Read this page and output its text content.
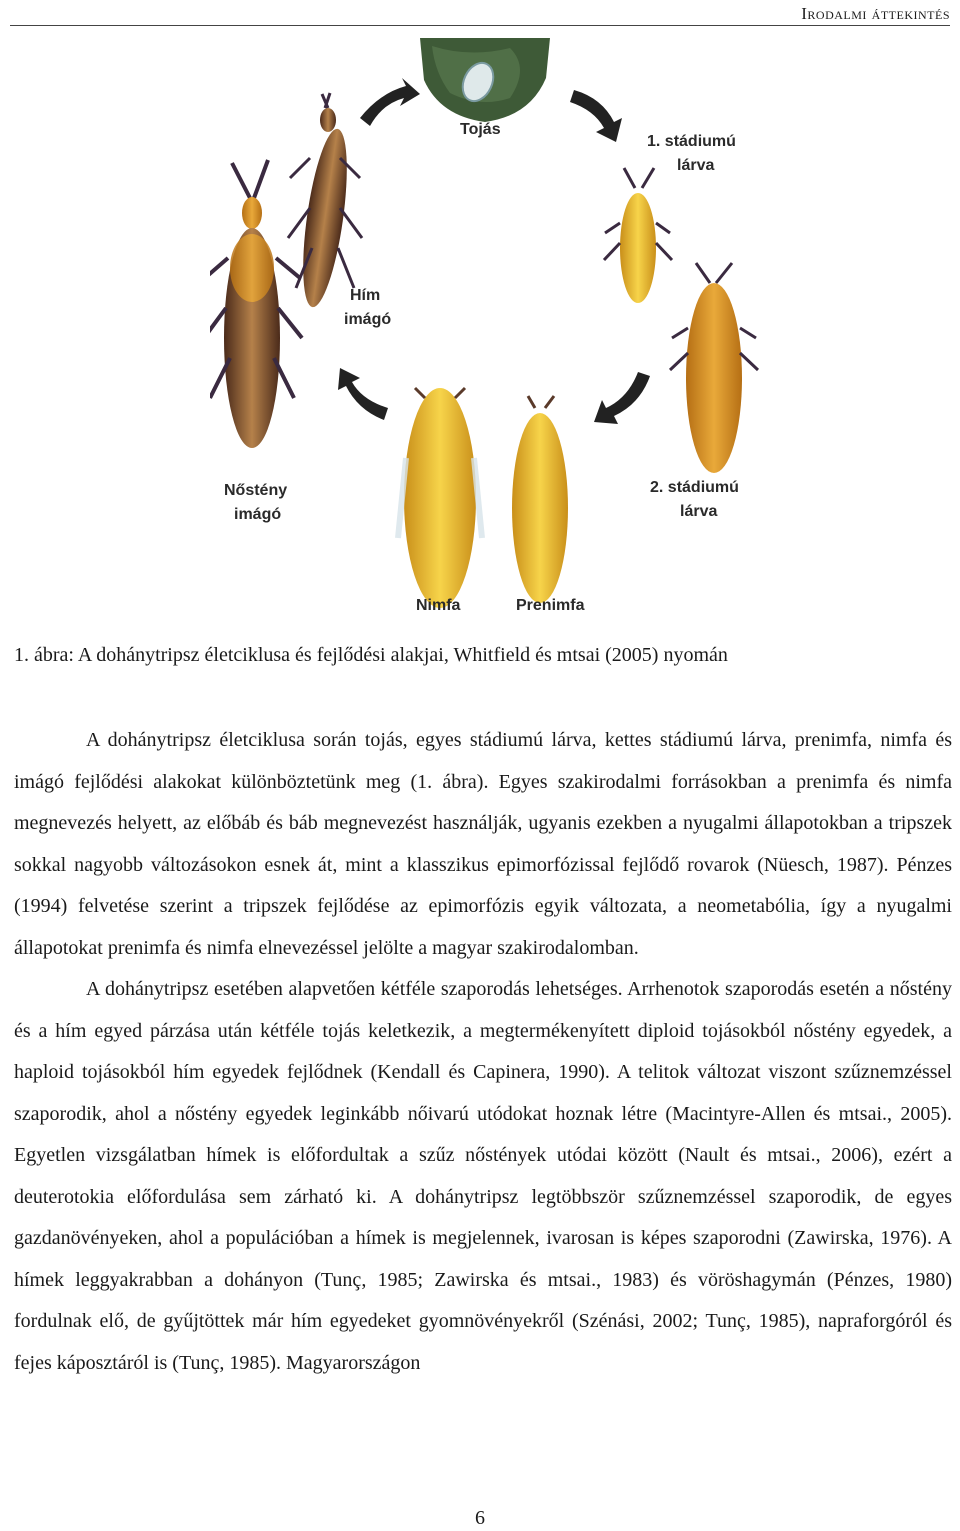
Irodalmi áttekintés
Tojás
1. stádiumú
lárva
Hím
imágó
Nőstény
imágó
2. stádiumú
lárva
Nimfa	Prenimfa
1. ábra: A dohánytripsz életciklusa és fejlődési alakjai, Whitfield és mtsai (2005) nyomán

A dohánytripsz életciklusa során tojás, egyes stádiumú lárva, kettes stádiumú lárva, prenimfa, nimfa és imágó fejlődési alakokat különböztetünk meg (1. ábra). Egyes szakirodalmi forrásokban a prenimfa és nimfa megnevezés helyett, az előbáb és báb megnevezést használják, ugyanis ezekben a nyugalmi állapotokban a tripszek sokkal nagyobb változásokon esnek át, mint a klasszikus epimorfózissal fejlődő rovarok (Nüesch, 1987). Pénzes (1994) felvetése szerint a tripszek fejlődése az epimorfózis egyik változata, a neometabólia, így a nyugalmi állapotokat prenimfa és nimfa elnevezéssel jelölte a magyar szakirodalomban.

A dohánytripsz esetében alapvetően kétféle szaporodás lehetséges. Arrhenotok szaporodás esetén a nőstény és a hím egyed párzása után kétféle tojás keletkezik, a megtermékenyített diploid tojásokból nőstény egyedek, a haploid tojásokból hím egyedek fejlődnek (Kendall és Capinera, 1990). A telitok változat viszont szűznemzéssel szaporodik, ahol a nőstény egyedek leginkább nőivarú utódokat hoznak létre (Macintyre-Allen és mtsai., 2005). Egyetlen vizsgálatban hímek is előfordultak a szűz nőstények utódai között (Nault és mtsai., 2006), ezért a deuterotokia előfordulása sem zárható ki. A dohánytripsz legtöbbször szűznemzéssel szaporodik, de egyes gazdanövényeken, ahol a populációban a hímek is megjelennek, ivarosan is képes szaporodni (Zawirska, 1976). A hímek leggyakrabban a dohányon (Tunç, 1985; Zawirska és mtsai., 1983) és vöröshagymán (Pénzes, 1980) fordulnak elő, de gyűjtöttek már hím egyedeket gyomnövényekről (Szénási, 2002; Tunç, 1985), napraforgóról és fejes káposztáról is (Tunç, 1985). Magyarországon

6
